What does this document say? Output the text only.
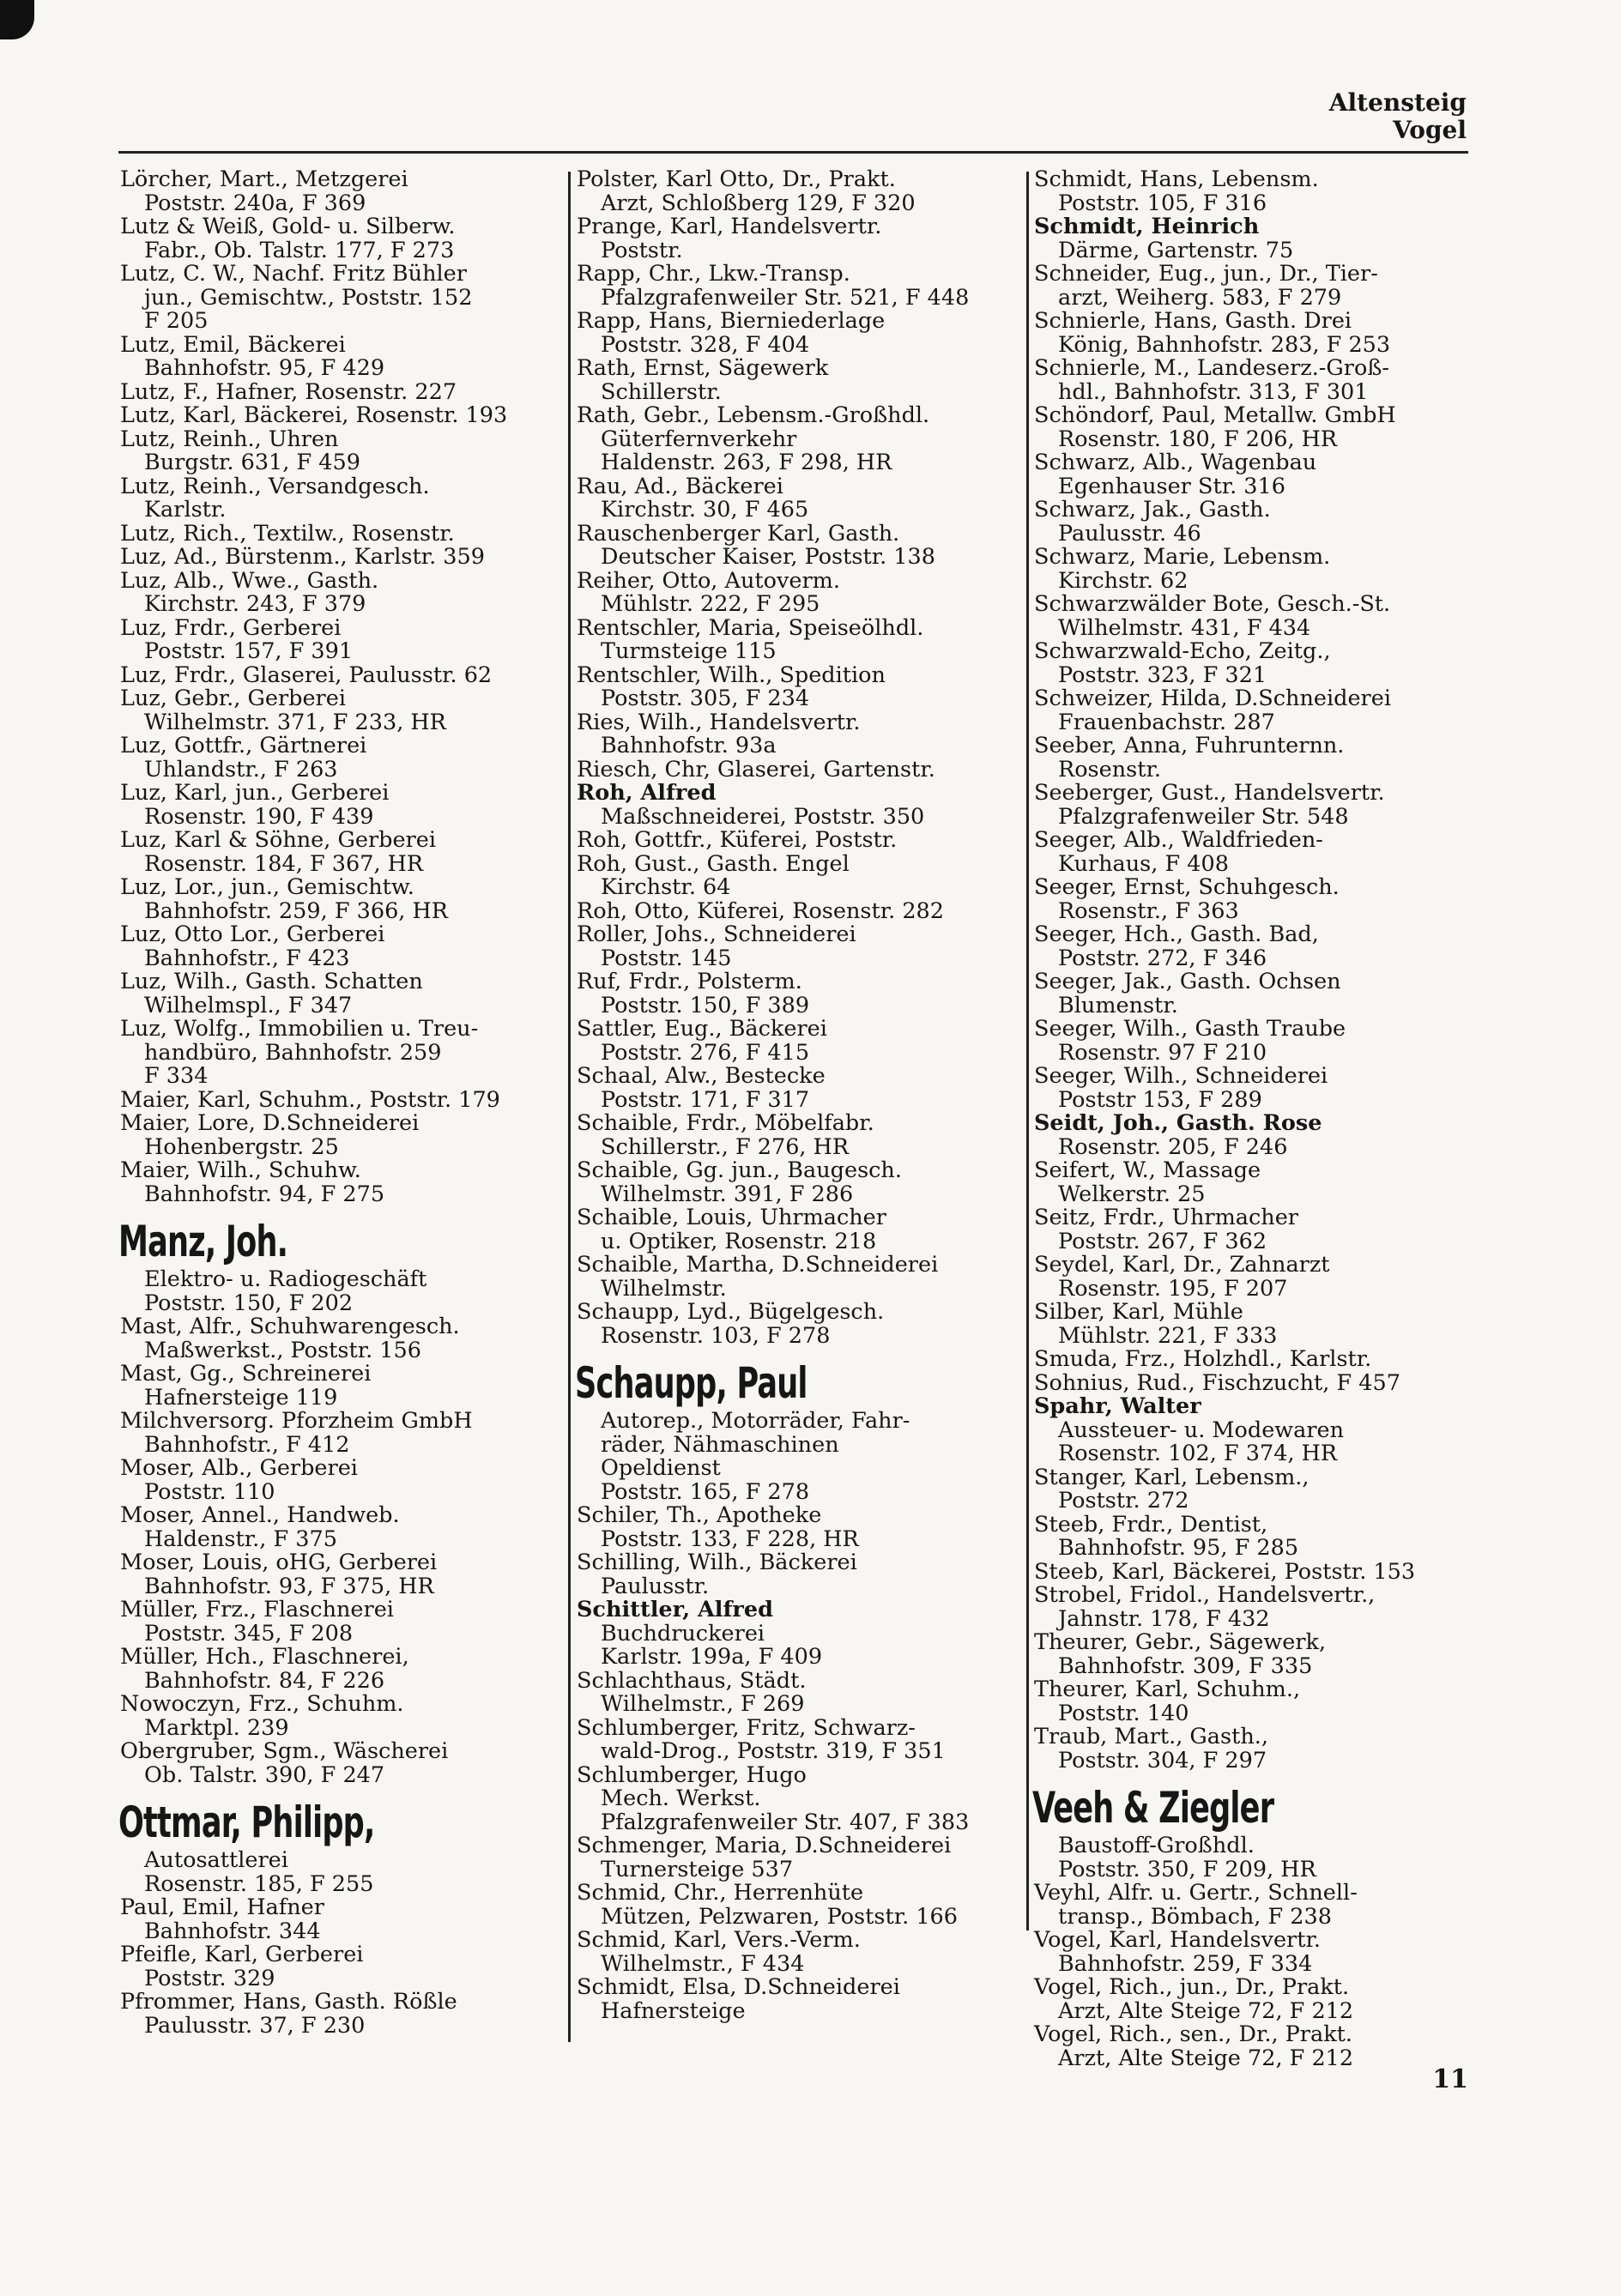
Altensteig
Vogel
Lörcher, Mart., Metzgerei
Poststr. 240a, F 369
Lutz & Weiß, Gold- u. Silberw.
Fabr., Ob. Talstr. 177, F 273
Lutz, C. W., Nachf. Fritz Bühler
jun., Gemischtw., Poststr. 152
F 205
Lutz, Emil, Bäckerei
Bahnhofstr. 95, F 429
Lutz, F., Hafner, Rosenstr. 227
Lutz, Karl, Bäckerei, Rosenstr. 193
Lutz, Reinh., Uhren
Burgstr. 631, F 459
Lutz, Reinh., Versandgesch.
Karlstr.
Lutz, Rich., Textilw., Rosenstr.
Luz, Ad., Bürstenm., Karlstr. 359
Luz, Alb., Wwe., Gasth.
Kirchstr. 243, F 379
Luz, Frdr., Gerberei
Poststr. 157, F 391
Luz, Frdr., Glaserei, Paulusstr. 62
Luz, Gebr., Gerberei
Wilhelmstr. 371, F 233, HR
Luz, Gottfr., Gärtnerei
Uhlandstr., F 263
Luz, Karl, jun., Gerberei
Rosenstr. 190, F 439
Luz, Karl & Söhne, Gerberei
Rosenstr. 184, F 367, HR
Luz, Lor., jun., Gemischtw.
Bahnhofstr. 259, F 366, HR
Luz, Otto Lor., Gerberei
Bahnhofstr., F 423
Luz, Wilh., Gasth. Schatten
Wilhelmspl., F 347
Luz, Wolfg., Immobilien u. Treu-
handbüro, Bahnhofstr. 259
F 334
Maier, Karl, Schuhm., Poststr. 179
Maier, Lore, D.Schneiderei
Hohenbergstr. 25
Maier, Wilh., Schuhw.
Bahnhofstr. 94, F 275
Manz, Joh.
Elektro- u. Radiogeschäft
Poststr. 150, F 202
Mast, Alfr., Schuhwarengesch.
Maßwerkst., Poststr. 156
Mast, Gg., Schreinerei
Hafnersteige 119
Milchversorg. Pforzheim GmbH
Bahnhofstr., F 412
Moser, Alb., Gerberei
Poststr. 110
Moser, Annel., Handweb.
Haldenstr., F 375
Moser, Louis, oHG, Gerberei
Bahnhofstr. 93, F 375, HR
Müller, Frz., Flaschnerei
Poststr. 345, F 208
Müller, Hch., Flaschnerei,
Bahnhofstr. 84, F 226
Nowoczyn, Frz., Schuhm.
Marktpl. 239
Obergruber, Sgm., Wäscherei
Ob. Talstr. 390, F 247
Ottmar, Philipp,
Autosattlerei
Rosenstr. 185, F 255
Paul, Emil, Hafner
Bahnhofstr. 344
Pfeifle, Karl, Gerberei
Poststr. 329
Pfrommer, Hans, Gasth. Rößle
Paulusstr. 37, F 230
Polster, Karl Otto, Dr., Prakt.
Arzt, Schloßberg 129, F 320
Prange, Karl, Handelsvertr.
Poststr.
Rapp, Chr., Lkw.-Transp.
Pfalzgrafenweiler Str. 521, F 448
Rapp, Hans, Bierniederlage
Poststr. 328, F 404
Rath, Ernst, Sägewerk
Schillerstr.
Rath, Gebr., Lebensm.-Großhdl.
Güterfernverkehr
Haldenstr. 263, F 298, HR
Rau, Ad., Bäckerei
Kirchstr. 30, F 465
Rauschenberger Karl, Gasth.
Deutscher Kaiser, Poststr. 138
Reiher, Otto, Autoverm.
Mühlstr. 222, F 295
Rentschler, Maria, Speiseölhdl.
Turmsteige 115
Rentschler, Wilh., Spedition
Poststr. 305, F 234
Ries, Wilh., Handelsvertr.
Bahnhofstr. 93a
Riesch, Chr, Glaserei, Gartenstr.
Roh, Alfred
Maßschneiderei, Poststr. 350
Roh, Gottfr., Küferei, Poststr.
Roh, Gust., Gasth. Engel
Kirchstr. 64
Roh, Otto, Küferei, Rosenstr. 282
Roller, Johs., Schneiderei
Poststr. 145
Ruf, Frdr., Polsterm.
Poststr. 150, F 389
Sattler, Eug., Bäckerei
Poststr. 276, F 415
Schaal, Alw., Bestecke
Poststr. 171, F 317
Schaible, Frdr., Möbelfabr.
Schillerstr., F 276, HR
Schaible, Gg. jun., Baugesch.
Wilhelmstr. 391, F 286
Schaible, Louis, Uhrmacher
u. Optiker, Rosenstr. 218
Schaible, Martha, D.Schneiderei
Wilhelmstr.
Schaupp, Lyd., Bügelgesch.
Rosenstr. 103, F 278
Schaupp, Paul
Autorep., Motorräder, Fahr-
räder, Nähmaschinen
Opeldienst
Poststr. 165, F 278
Schiler, Th., Apotheke
Poststr. 133, F 228, HR
Schilling, Wilh., Bäckerei
Paulusstr.
Schittler, Alfred
Buchdruckerei
Karlstr. 199a, F 409
Schlachthaus, Städt.
Wilhelmstr., F 269
Schlumberger, Fritz, Schwarz-
wald-Drog., Poststr. 319, F 351
Schlumberger, Hugo
Mech. Werkst.
Pfalzgrafenweiler Str. 407, F 383
Schmenger, Maria, D.Schneiderei
Turnersteige 537
Schmid, Chr., Herrenhüte
Mützen, Pelzwaren, Poststr. 166
Schmid, Karl, Vers.-Verm.
Wilhelmstr., F 434
Schmidt, Elsa, D.Schneiderei
Hafnersteige
Schmidt, Hans, Lebensm.
Poststr. 105, F 316
Schmidt, Heinrich
Därme, Gartenstr. 75
Schneider, Eug., jun., Dr., Tier-
arzt, Weiherg. 583, F 279
Schnierle, Hans, Gasth. Drei
König, Bahnhofstr. 283, F 253
Schnierle, M., Landeserz.-Groß-
hdl., Bahnhofstr. 313, F 301
Schöndorf, Paul, Metallw. GmbH
Rosenstr. 180, F 206, HR
Schwarz, Alb., Wagenbau
Egenhauser Str. 316
Schwarz, Jak., Gasth.
Paulusstr. 46
Schwarz, Marie, Lebensm.
Kirchstr. 62
Schwarzwälder Bote, Gesch.-St.
Wilhelmstr. 431, F 434
Schwarzwald-Echo, Zeitg.,
Poststr. 323, F 321
Schweizer, Hilda, D.Schneiderei
Frauenbachstr. 287
Seeber, Anna, Fuhrunternn.
Rosenstr.
Seeberger, Gust., Handelsvertr.
Pfalzgrafenweiler Str. 548
Seeger, Alb., Waldfrieden-
Kurhaus, F 408
Seeger, Ernst, Schuhgesch.
Rosenstr., F 363
Seeger, Hch., Gasth. Bad,
Poststr. 272, F 346
Seeger, Jak., Gasth. Ochsen
Blumenstr.
Seeger, Wilh., Gasth Traube
Rosenstr. 97 F 210
Seeger, Wilh., Schneiderei
Poststr 153, F 289
Seidt, Joh., Gasth. Rose
Rosenstr. 205, F 246
Seifert, W., Massage
Welkerstr. 25
Seitz, Frdr., Uhrmacher
Poststr. 267, F 362
Seydel, Karl, Dr., Zahnarzt
Rosenstr. 195, F 207
Silber, Karl, Mühle
Mühlstr. 221, F 333
Smuda, Frz., Holzhdl., Karlstr.
Sohnius, Rud., Fischzucht, F 457
Spahr, Walter
Aussteuer- u. Modewaren
Rosenstr. 102, F 374, HR
Stanger, Karl, Lebensm.,
Poststr. 272
Steeb, Frdr., Dentist,
Bahnhofstr. 95, F 285
Steeb, Karl, Bäckerei, Poststr. 153
Strobel, Fridol., Handelsvertr.,
Jahnstr. 178, F 432
Theurer, Gebr., Sägewerk,
Bahnhofstr. 309, F 335
Theurer, Karl, Schuhm.,
Poststr. 140
Traub, Mart., Gasth.,
Poststr. 304, F 297
Veeh & Ziegler
Baustoff-Großhdl.
Poststr. 350, F 209, HR
Veyhl, Alfr. u. Gertr., Schnell-
transp., Bömbach, F 238
Vogel, Karl, Handelsvertr.
Bahnhofstr. 259, F 334
Vogel, Rich., jun., Dr., Prakt.
Arzt, Alte Steige 72, F 212
Vogel, Rich., sen., Dr., Prakt.
Arzt, Alte Steige 72, F 212
11
